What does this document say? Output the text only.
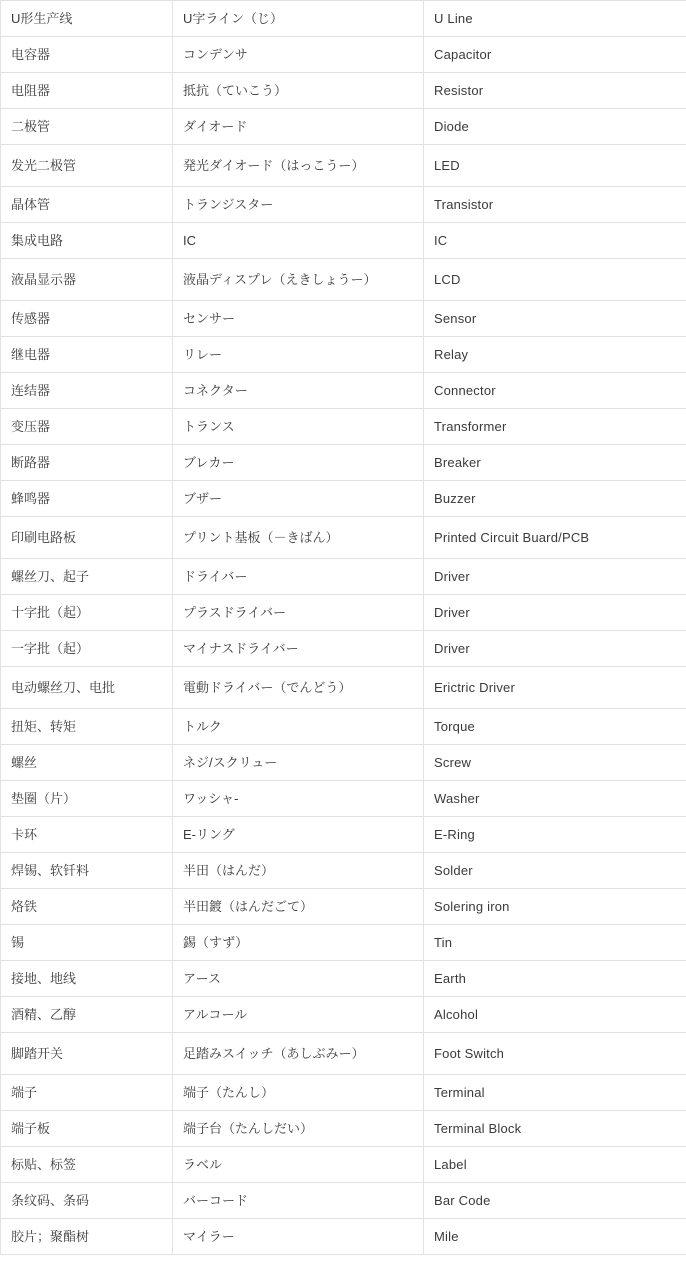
U形生产线	U字ライン（じ）	U Line
电容器	コンデンサ	Capacitor
电阻器	抵抗（ていこう）	Resistor
二极管	ダイオード	Diode
发光二极管	発光ダイオード（はっこうー）	LED
晶体管	トランジスター	Transistor
集成电路	IC	IC
液晶显示器	液晶ディスプレ（えきしょうー）	LCD
传感器	センサー	Sensor
继电器	リレー	Relay
连结器	コネクター	Connector
变压器	トランス	Transformer
断路器	ブレカー	Breaker
蜂鸣器	ブザー	Buzzer
印刷电路板	プリント基板（－きばん）	Printed Circuit Buard/PCB
螺丝刀、起子	ドライバー	Driver
十字批（起）	プラスドライバー	Driver
一字批（起）	マイナスドライバー	Driver
电动螺丝刀、电批	電動ドライバー（でんどう）	Erictric Driver
扭矩、转矩	トルク	Torque
螺丝	ネジ/スクリュー	Screw
垫圈（片）	ワッシャ-	Washer
卡环	E-リング	E-Ring
焊锡、软钎料	半田（はんだ）	Solder
烙铁	半田鍍（はんだごて）	Solering iron
锡	錫（すず）	Tin
接地、地线	アース	Earth
酒精、乙醇	アルコール	Alcohol
脚踏开关	足踏みスイッチ（あしぶみー）	Foot Switch
端子	端子（たんし）	Terminal
端子板	端子台（たんしだい）	Terminal Block
标贴、标签	ラベル	Label
条纹码、条码	バーコード	Bar Code
胶片；聚酯树	マイラー	Mile
